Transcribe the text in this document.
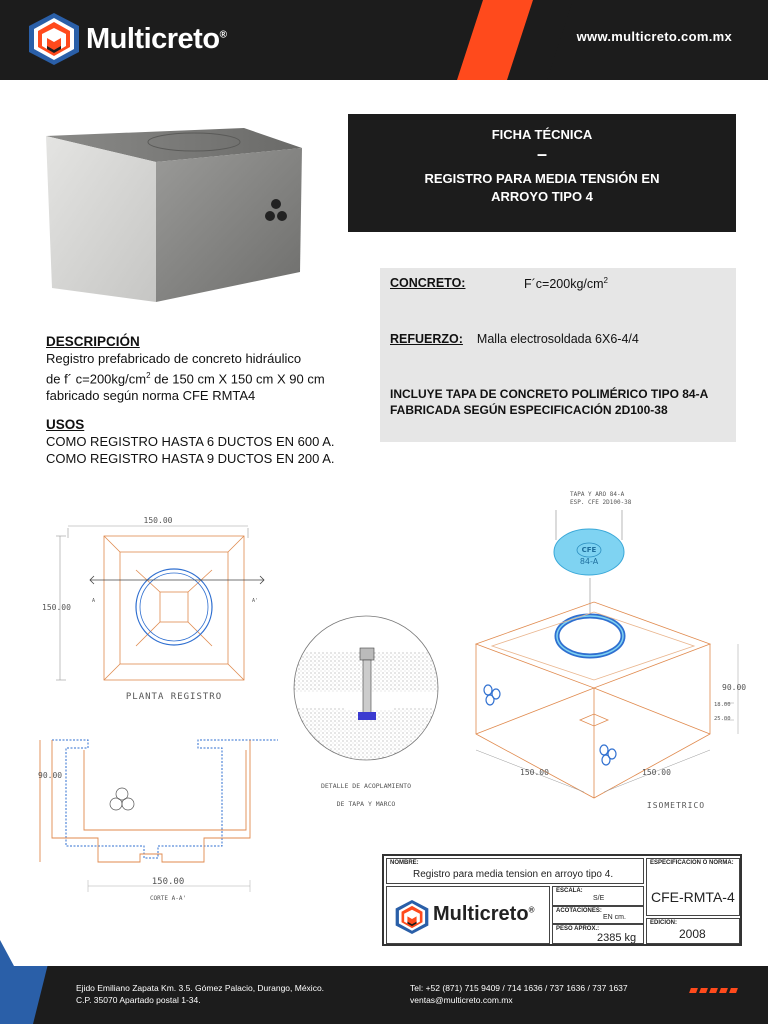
Multicreto®	www.multicreto.com.mx
FICHA TÉCNICA
–
REGISTRO PARA MEDIA TENSIÓN EN
ARROYO TIPO 4
CONCRETO:	$F´c=200kg/cm^2$
REFUERZO: Malla electrosoldada 6X6-4/4
INCLUYE TAPA DE CONCRETO POLIMÉRICO TIPO 84-A FABRICADA SEGÚN ESPECIFICACIÓN 2D100-38
DESCRIPCIÓN

Registro prefabricado de concreto hidráulico

de f´ $c=200kg/cm^2$ de 150 cm X 150 cm X 90 cm

fabricado según norma CFE RMTA4

USOS

COMO REGISTRO HASTA 6 DUCTOS EN 600 A.

COMO REGISTRO HASTA 9 DUCTOS EN 200 A.

150.00
150.00
A	A'
PLANTA REGISTRO
90.00
150.00
CORTE A-A'
DETALLE DE ACOPLAMIENTO
DE TAPA Y MARCO
TAPA Y ARO 84-A
ESP. CFE 2D100-38
CFE
84-A
90.00
18.00
25.00
150.00	150.00
ISOMETRICO
NOMBRE:
Registro para media tension en arroyo tipo 4.
ESPECIFICACION O NORMA:
CFE-RMTA-4
Multicreto®
ESCALA:
S/E
ACOTACIONES:
EN cm.
PESO APROX.:
2385 kg
EDICION:
2008
Ejido Emiliano Zapata Km. 3.5. Gómez Palacio, Durango, México.
C.P. 35070 Apartado postal 1-34.
Tel: +52 (871) 715 9409 / 714 1636 / 737 1636 / 737 1637
ventas@multicreto.com.mx
